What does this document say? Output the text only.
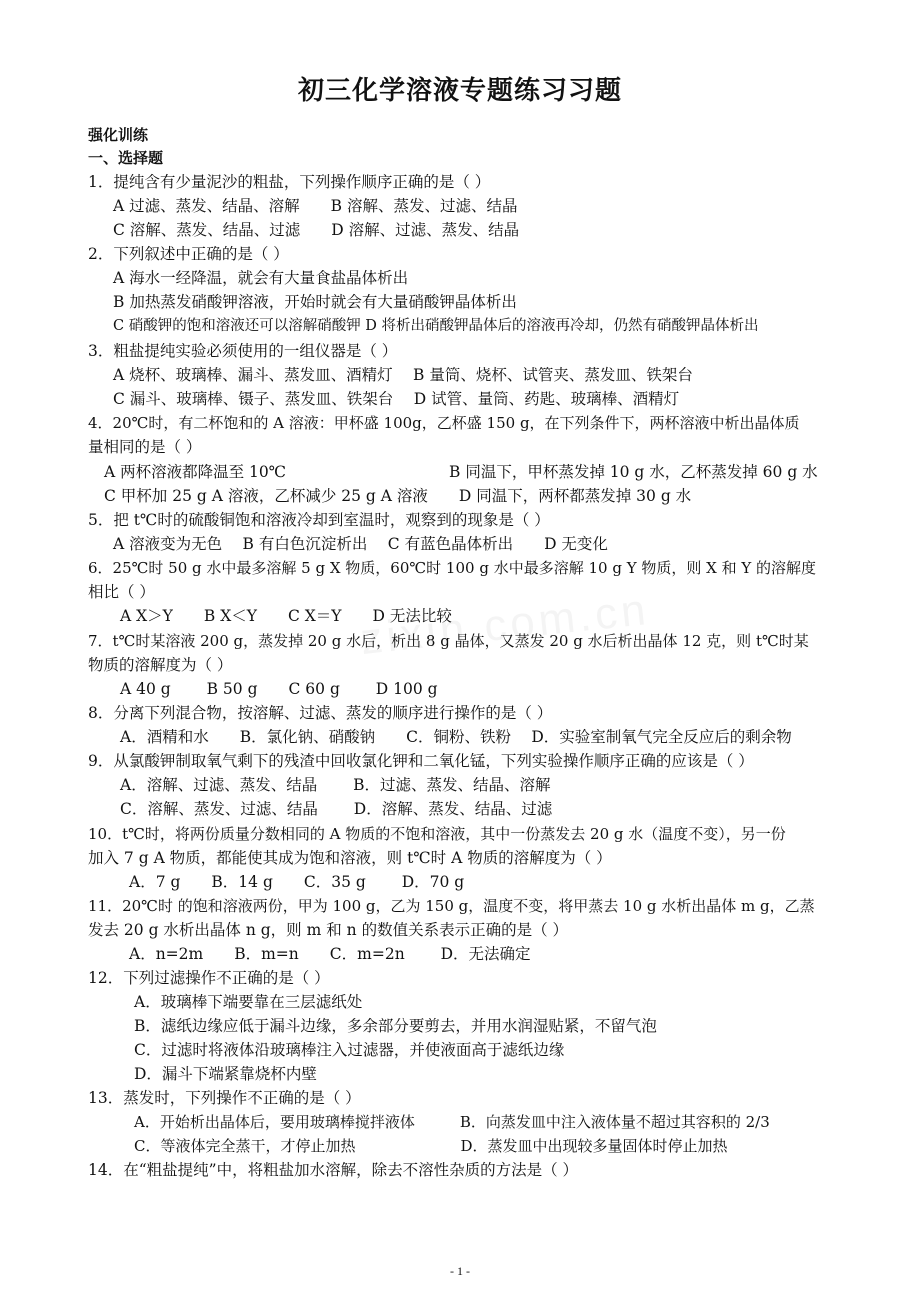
初三化学溶液专题练习习题
强化训练
一、选择题
1．提纯含有少量泥沙的粗盐，下列操作顺序正确的是（ ）
A 过滤、蒸发、结晶、溶解　　B 溶解、蒸发、过滤、结晶
C 溶解、蒸发、结晶、过滤　　D 溶解、过滤、蒸发、结晶
2．下列叙述中正确的是（ ）
A 海水一经降温，就会有大量食盐晶体析出
B 加热蒸发硝酸钾溶液，开始时就会有大量硝酸钾晶体析出
C 硝酸钾的饱和溶液还可以溶解硝酸钾 D 将析出硝酸钾晶体后的溶液再冷却，仍然有硝酸钾晶体析出
3．粗盐提纯实验必须使用的一组仪器是（ ）
A 烧杯、玻璃棒、漏斗、蒸发皿、酒精灯　 B 量筒、烧杯、试管夹、蒸发皿、铁架台
C 漏斗、玻璃棒、镊子、蒸发皿、铁架台　 D 试管、量筒、药匙、玻璃棒、酒精灯
4．20℃时，有二杯饱和的 A 溶液：甲杯盛 100g，乙杯盛 150 g，在下列条件下，两杯溶液中析出晶体质
量相同的是（ ）
A 两杯溶液都降温至 10℃	B 同温下，甲杯蒸发掉 10 g 水，乙杯蒸发掉 60 g 水
C 甲杯加 25 g A 溶液，乙杯减少 25 g A 溶液　　D 同温下，两杯都蒸发掉 30 g 水
5．把 t℃时的硫酸铜饱和溶液冷却到室温时，观察到的现象是（ ）
A 溶液变为无色　 B 有白色沉淀析出　 C 有蓝色晶体析出　　D 无变化
6．25℃时 50 g 水中最多溶解 5 g X 物质，60℃时 100 g 水中最多溶解 10 g Y 物质，则 X 和 Y 的溶解度
相比（ ）
A X＞Y　　B X＜Y　　C X＝Y　　D 无法比较
7．t℃时某溶液 200 g，蒸发掉 20 g 水后，析出 8 g 晶体，又蒸发 20 g 水后析出晶体 12 克，则 t℃时某
物质的溶解度为（ ）
A 40 g　　 B 50 g　　C 60 g　　 D 100 g
8．分离下列混合物，按溶解、过滤、蒸发的顺序进行操作的是（ ）
A．酒精和水　　B．氯化钠、硝酸钠　　C．铜粉、铁粉　 D．实验室制氧气完全反应后的剩余物
9．从氯酸钾制取氧气剩下的残渣中回收氯化钾和二氧化锰，下列实验操作顺序正确的应该是（ ）
A．溶解、过滤、蒸发、结晶　　 B．过滤、蒸发、结晶、溶解
C．溶解、蒸发、过滤、结晶　　 D．溶解、蒸发、结晶、过滤
10．t℃时，将两份质量分数相同的 A 物质的不饱和溶液，其中一份蒸发去 20 g 水（温度不变），另一份
加入 7 g A 物质，都能使其成为饱和溶液，则 t℃时 A 物质的溶解度为（ ）
A．7 g　　B．14 g　　C．35 g　　 D．70 g
11．20℃时 的饱和溶液两份，甲为 100 g，乙为 150 g，温度不变，将甲蒸去 10 g 水析出晶体 m g，乙蒸
发去 20 g 水析出晶体 n g，则 m 和 n 的数值关系表示正确的是（ ）
A．n=2m　　B．m=n　　C．m=2n　　 D．无法确定
12．下列过滤操作不正确的是（ ）
A．玻璃棒下端要靠在三层滤纸处
B．滤纸边缘应低于漏斗边缘，多余部分要剪去，并用水润湿贴紧，不留气泡
C．过滤时将液体沿玻璃棒注入过滤器，并使液面高于滤纸边缘
D．漏斗下端紧靠烧杯内壁
13．蒸发时，下列操作不正确的是（ ）
A．开始析出晶体后，要用玻璃棒搅拌液体　　　B．向蒸发皿中注入液体量不超过其容积的 2/3
C．等液体完全蒸干，才停止加热　　　　　　　D．蒸发皿中出现较多量固体时停止加热
14．在“粗盐提纯”中，将粗盐加水溶解，除去不溶性杂质的方法是（ ）
- 1 -
